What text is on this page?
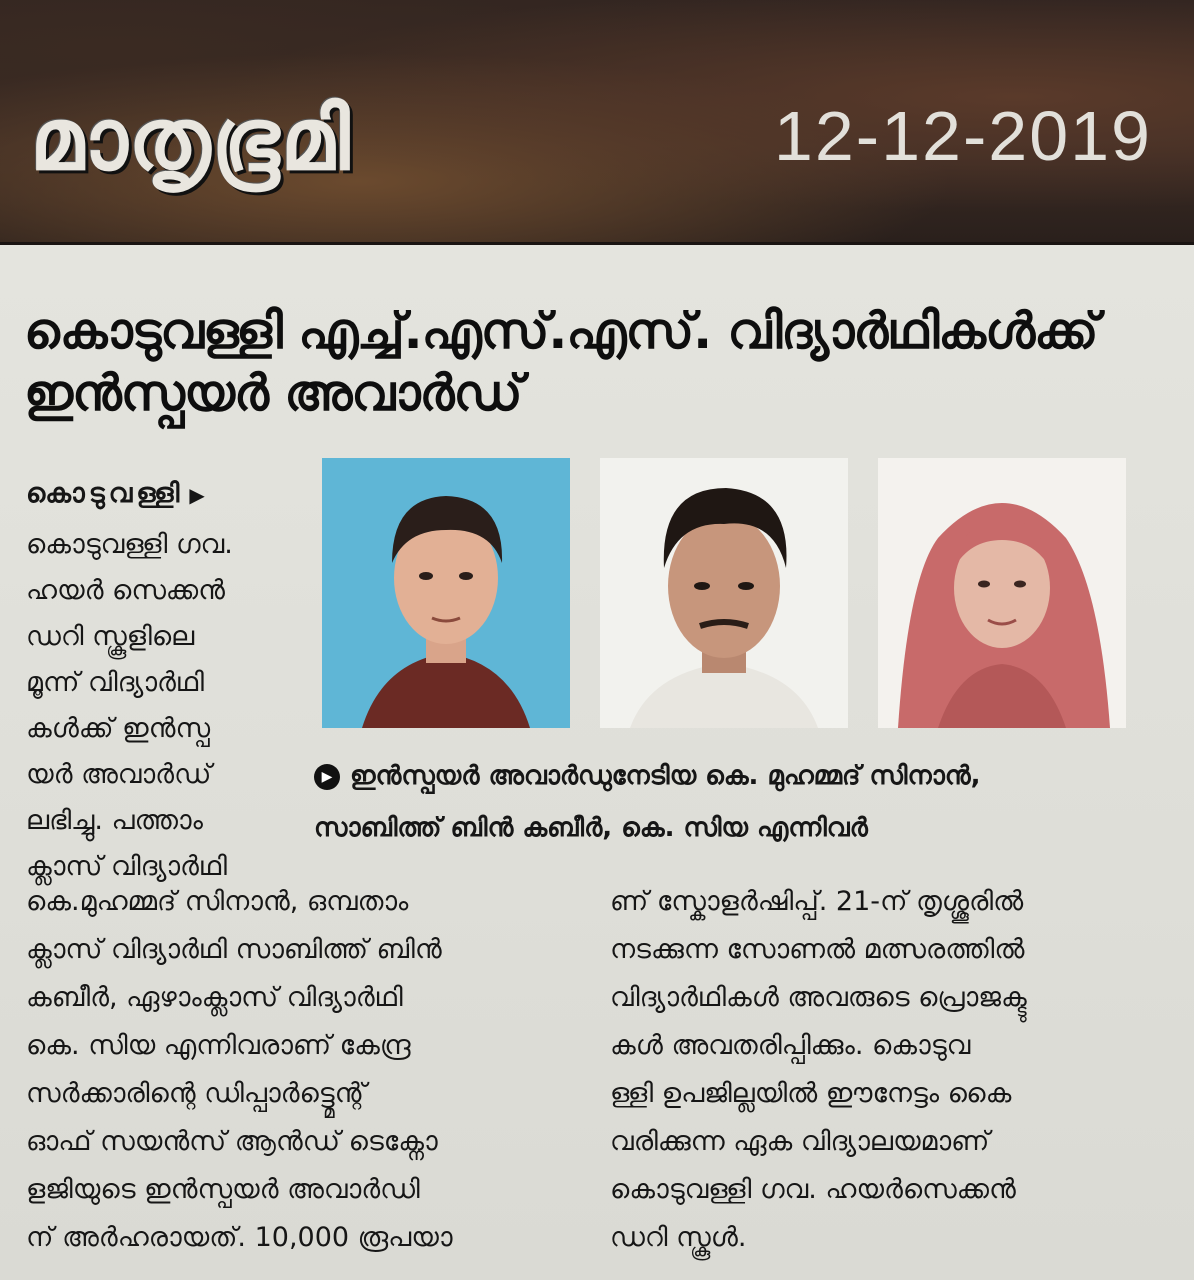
മാതൃഭൂമി	12-12-2019
കൊടുവള്ളി എച്ച്.എസ്.എസ്. വിദ്യാർഥികൾക്ക്
ഇൻസ്പയർ അവാർഡ്
കൊടുവള്ളി ▶
കൊടുവള്ളി ഗവ.
ഹയർ സെക്കൻ
ഡറി സ്കൂളിലെ
മൂന്ന് വിദ്യാർഥി
കൾക്ക് ഇൻസ്പ
യർ അവാർഡ്
ലഭിച്ചു. പത്താം
ക്ലാസ് വിദ്യാർഥി
▶ ഇൻസ്പയർ അവാർഡുനേടിയ കെ. മുഹമ്മദ് സിനാൻ,
സാബിത്ത് ബിൻ കബീർ, കെ. സിയ എന്നിവർ
കെ.മുഹമ്മദ് സിനാൻ, ഒമ്പതാം
ക്ലാസ് വിദ്യാർഥി സാബിത്ത് ബിൻ
കബീർ, ഏഴാംക്ലാസ് വിദ്യാർഥി
കെ. സിയ എന്നിവരാണ് കേന്ദ്ര
സർക്കാരിന്റെ ഡിപ്പാർട്ട്മെന്റ്
ഓഫ് സയൻസ് ആൻഡ് ടെക്നോ
ളജിയുടെ ഇൻസ്പയർ അവാർഡി
ന് അർഹരായത്. 10,000 രൂപയാ
ണ് സ്കോളർഷിപ്പ്. 21-ന് തൃശ്ശൂരിൽ
നടക്കുന്ന സോണൽ മത്സരത്തിൽ
വിദ്യാർഥികൾ അവരുടെ പ്രൊജക്ടു
കൾ അവതരിപ്പിക്കും. കൊടുവ
ള്ളി ഉപജില്ലയിൽ ഈനേട്ടം കൈ
വരിക്കുന്ന ഏക വിദ്യാലയമാണ്
കൊടുവള്ളി ഗവ. ഹയർസെക്കൻ
ഡറി സ്കൂൾ.
